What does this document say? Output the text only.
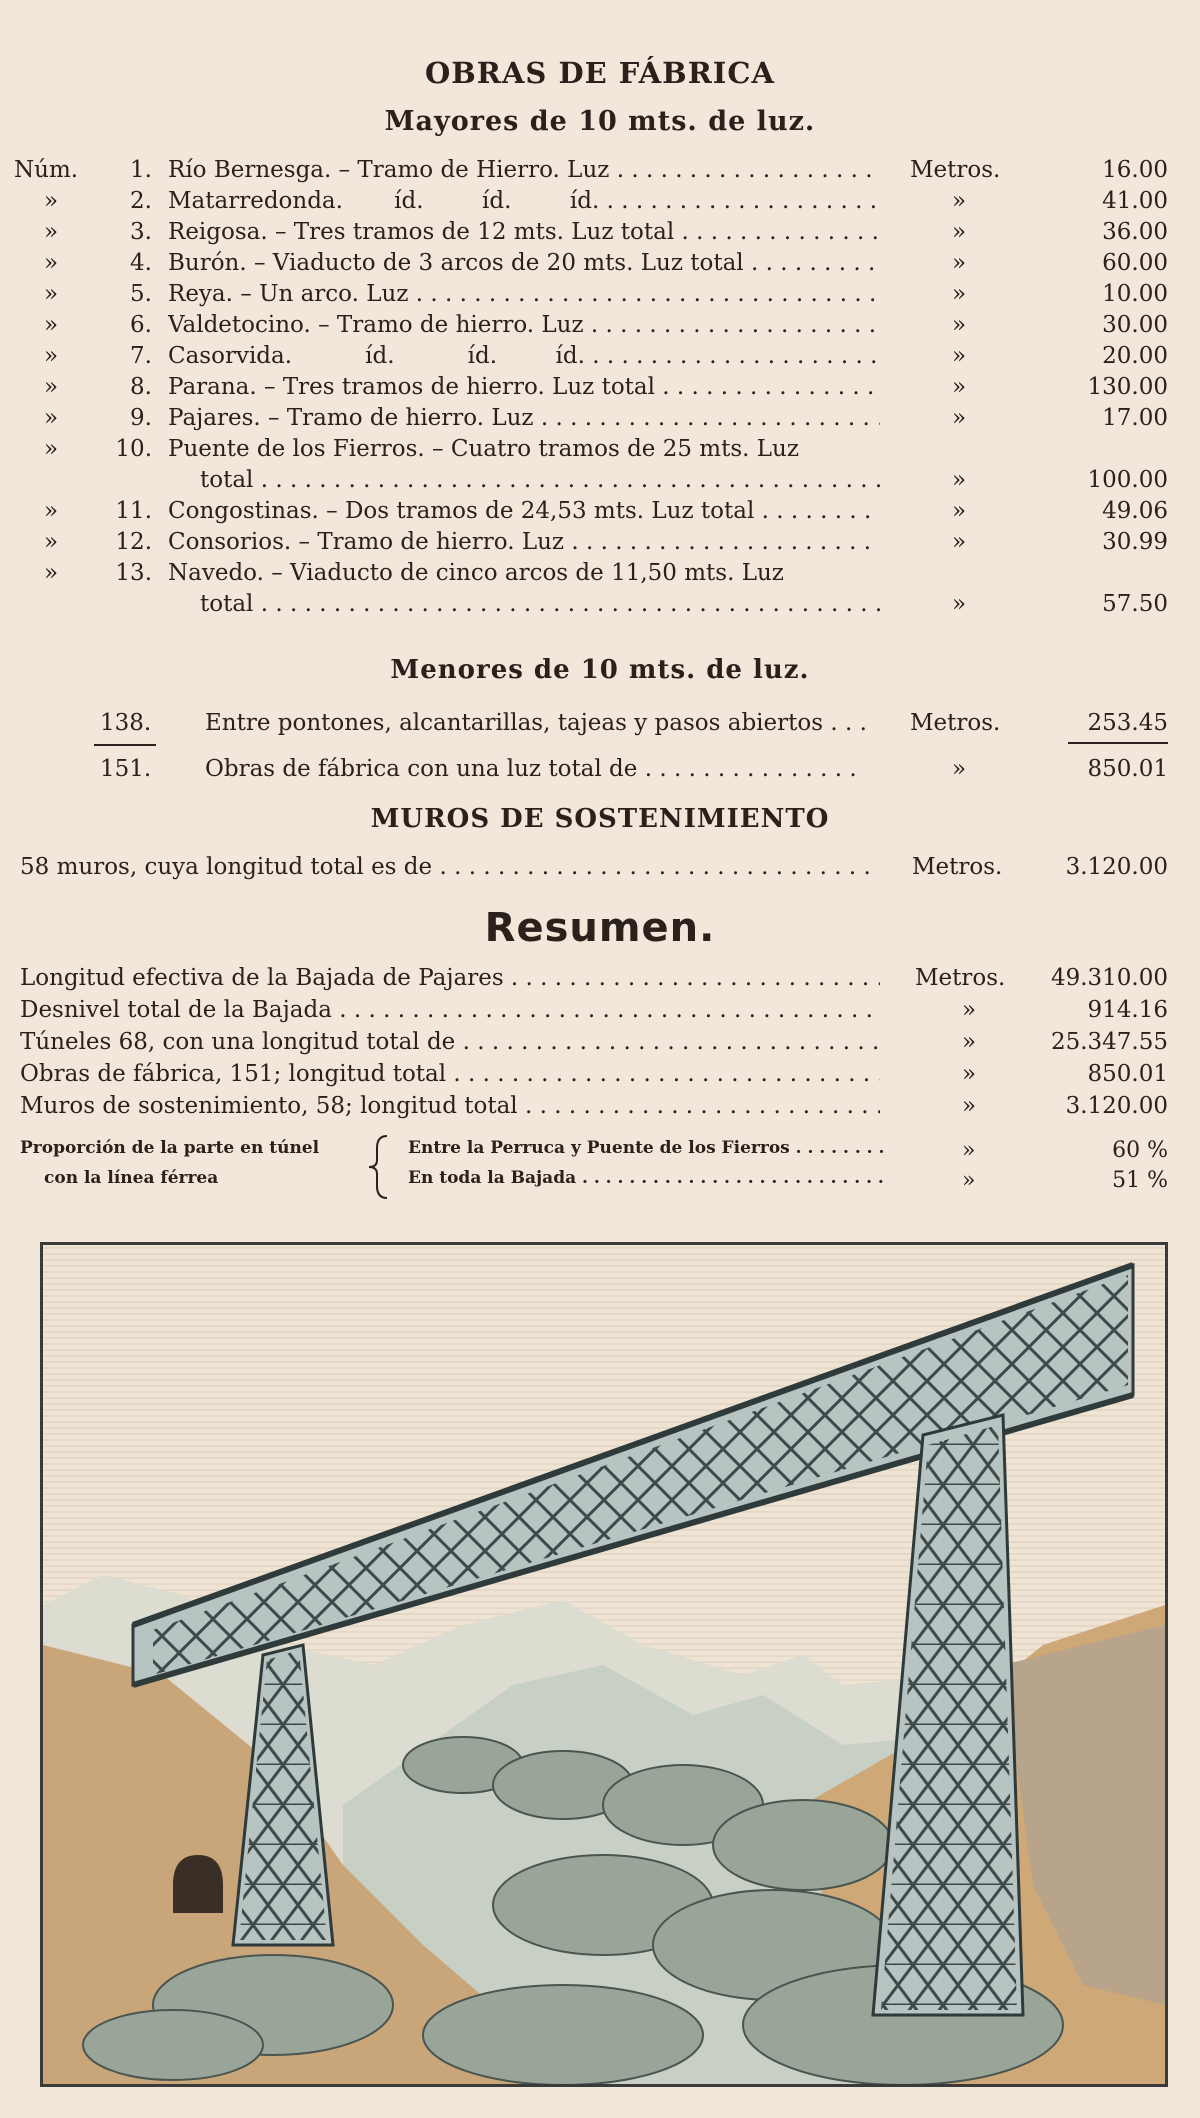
OBRAS DE FÁBRICA
Mayores de 10 mts. de luz.
Núm.	1. Río Bernesga. – Tramo de Hierro. Luz . . .	Metros.	16.00
»	2. Matarredonda.       íd.        íd.        íd. . . .	»	41.00
»	3. Reigosa. – Tres tramos de 12 mts. Luz total . . .	»	36.00
»	4. Burón. – Viaducto de 3 arcos de 20 mts. Luz total . . .	»	60.00
»	5. Reya. – Un arco. Luz . . .	»	10.00
»	6. Valdetocino. – Tramo de hierro. Luz . . .	»	30.00
»	7. Casorvida.          íd.          íd.        íd. . . .	»	20.00
»	8. Parana. – Tres tramos de hierro. Luz total . . .	»	130.00
»	9. Pajares. – Tramo de hierro. Luz . . .	»	17.00
»	10. Puente de los Fierros. – Cuatro tramos de 25 mts. Luz
total . . .	»	100.00
»	11. Congostinas. – Dos tramos de 24,53 mts. Luz total . . .	»	49.06
»	12. Consorios. – Tramo de hierro. Luz . . .	»	30.99
»	13. Navedo. – Viaducto de cinco arcos de 11,50 mts. Luz
total . . .	»	57.50
Menores de 10 mts. de luz.
138. Entre pontones, alcantarillas, tajeas y pasos abiertos . . .	Metros.	253.45
151. Obras de fábrica con una luz total de . . .	»	850.01
MUROS DE SOSTENIMIENTO
58 muros, cuya longitud total es de . . .	Metros.	3.120.00
Resumen.
Longitud efectiva de la Bajada de Pajares . . .	Metros.	49.310.00
Desnivel total de la Bajada . . .	»	914.16
Túneles 68, con una longitud total de . . .	»	25.347.55
Obras de fábrica, 151; longitud total . . .	»	850.01
Muros de sostenimiento, 58; longitud total . . .	»	3.120.00
Proporción de la parte en túnel	Entre la Perruca y Puente de los Fierros . . .	»	60 %
con la línea férrea	En toda la Bajada . . .	»	51 %
